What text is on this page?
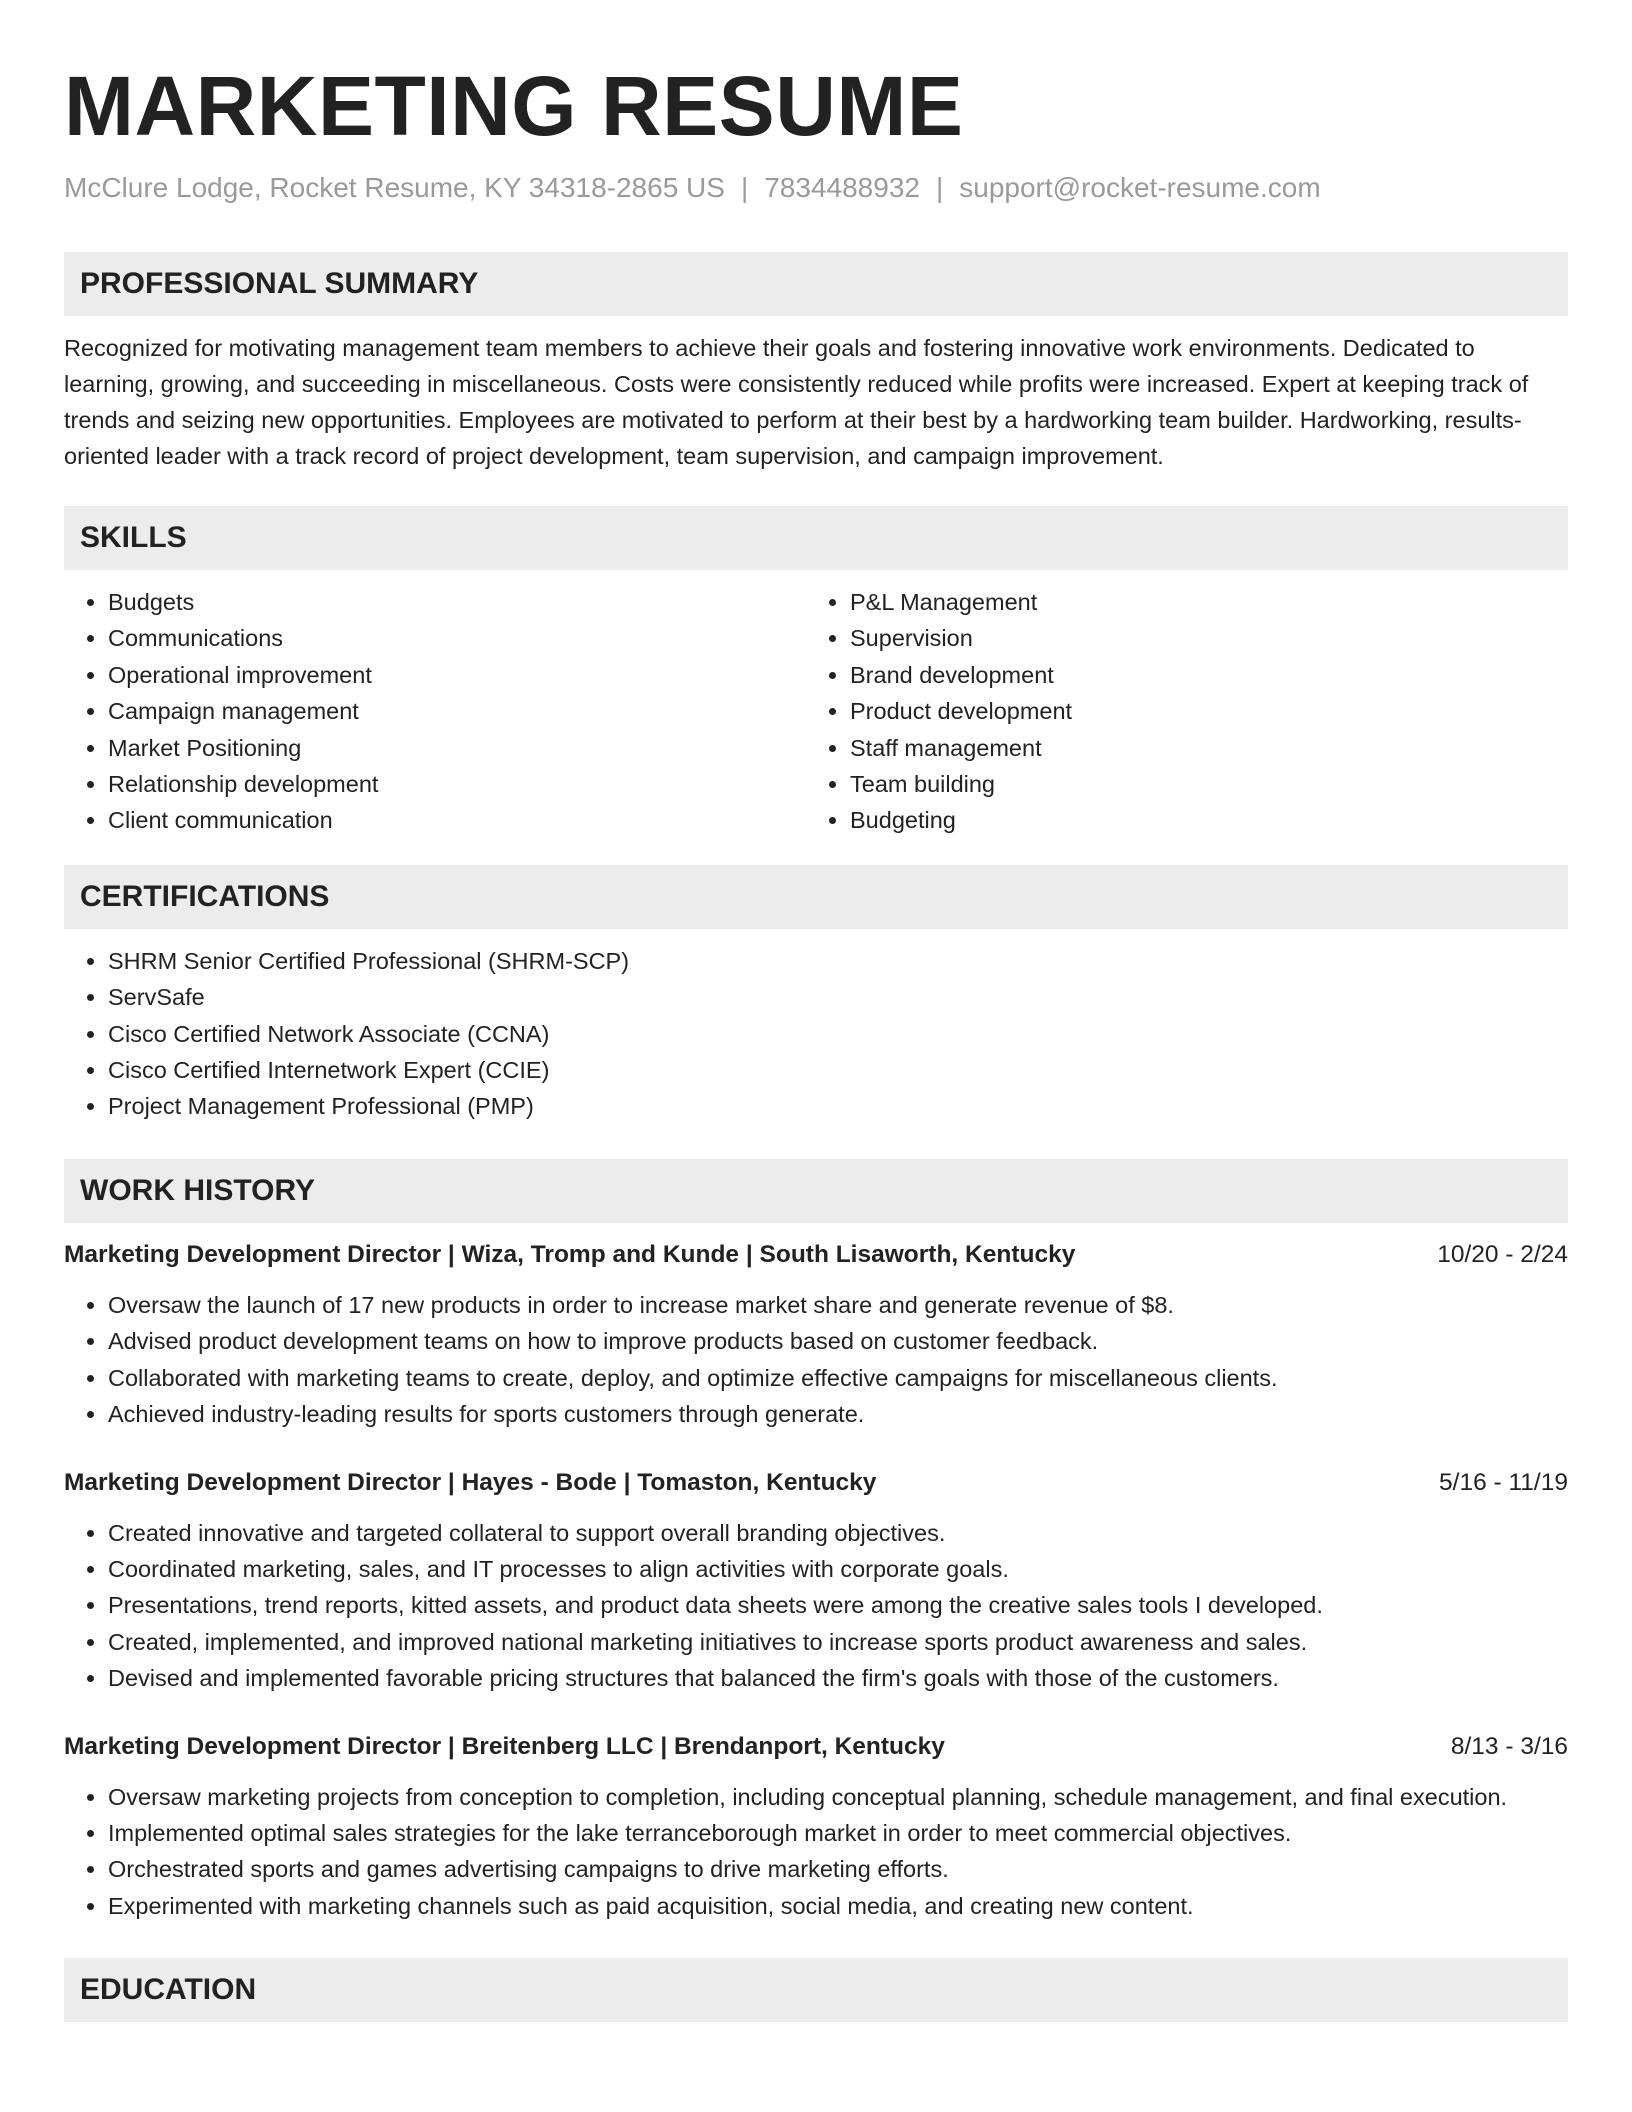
MARKETING RESUME
McClure Lodge, Rocket Resume, KY 34318-2865 US | 7834488932 | support@rocket-resume.com
PROFESSIONAL SUMMARY

Recognized for motivating management team members to achieve their goals and fostering innovative work environments. Dedicated to learning, growing, and succeeding in miscellaneous. Costs were consistently reduced while profits were increased. Expert at keeping track of trends and seizing new opportunities. Employees are motivated to perform at their best by a hardworking team builder. Hardworking, results-oriented leader with a track record of project development, team supervision, and campaign improvement.

SKILLS
• Budgets
• Communications
• Operational improvement
• Campaign management
• Market Positioning
• Relationship development
• Client communication
• P&L Management
• Supervision
• Brand development
• Product development
• Staff management
• Team building
• Budgeting
CERTIFICATIONS
• SHRM Senior Certified Professional (SHRM-SCP)
• ServSafe
• Cisco Certified Network Associate (CCNA)
• Cisco Certified Internetwork Expert (CCIE)
• Project Management Professional (PMP)
WORK HISTORY
Marketing Development Director | Wiza, Tromp and Kunde | South Lisaworth, Kentucky	10/20 - 2/24
• Oversaw the launch of 17 new products in order to increase market share and generate revenue of $8.
• Advised product development teams on how to improve products based on customer feedback.
• Collaborated with marketing teams to create, deploy, and optimize effective campaigns for miscellaneous clients.
• Achieved industry-leading results for sports customers through generate.
Marketing Development Director | Hayes - Bode | Tomaston, Kentucky	5/16 - 11/19
• Created innovative and targeted collateral to support overall branding objectives.
• Coordinated marketing, sales, and IT processes to align activities with corporate goals.
• Presentations, trend reports, kitted assets, and product data sheets were among the creative sales tools I developed.
• Created, implemented, and improved national marketing initiatives to increase sports product awareness and sales.
• Devised and implemented favorable pricing structures that balanced the firm's goals with those of the customers.
Marketing Development Director | Breitenberg LLC | Brendanport, Kentucky	8/13 - 3/16
• Oversaw marketing projects from conception to completion, including conceptual planning, schedule management, and final execution.
• Implemented optimal sales strategies for the lake terranceborough market in order to meet commercial objectives.
• Orchestrated sports and games advertising campaigns to drive marketing efforts.
• Experimented with marketing channels such as paid acquisition, social media, and creating new content.
EDUCATION
